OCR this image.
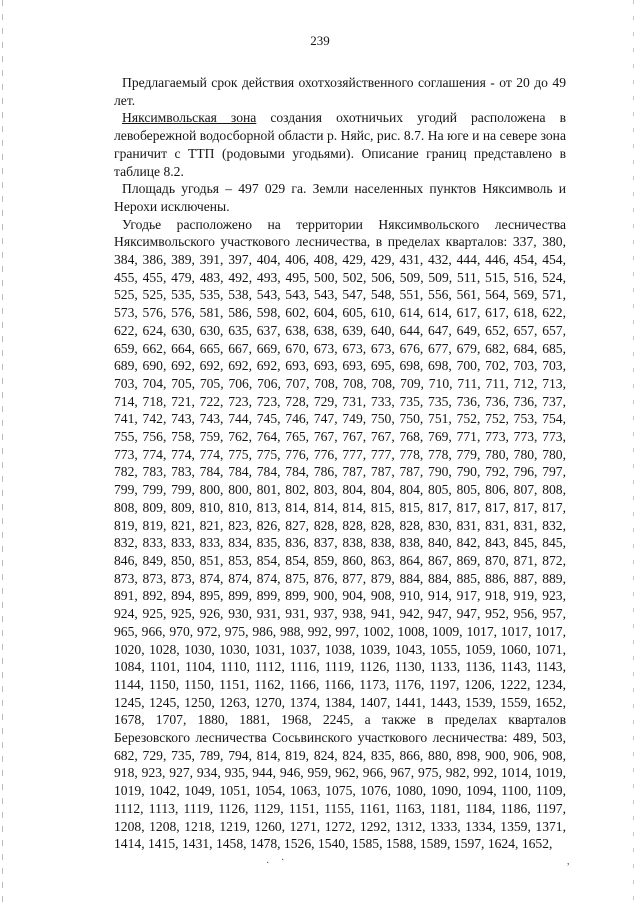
239

Предлагаемый срок действия охотхозяйственного соглашения - от 20 до 49 лет.

Няксимвольская зона создания охотничьих угодий расположена в левобережной водосборной области р. Няйс, рис. 8.7. На юге и на севере зона граничит с ТТП (родовыми угодьями). Описание границ представлено в таблице 8.2.

Площадь угодья – 497 029 га. Земли населенных пунктов Няксимволь и Нерохи исключены.

Угодье расположено на территории Няксимвольского лесничества Няксимвольского участкового лесничества, в пределах кварталов: 337, 380, 384, 386, 389, 391, 397, 404, 406, 408, 429, 429, 431, 432, 444, 446, 454, 454, 455, 455, 479, 483, 492, 493, 495, 500, 502, 506, 509, 509, 511, 515, 516, 524, 525, 525, 535, 535, 538, 543, 543, 543, 547, 548, 551, 556, 561, 564, 569, 571, 573, 576, 576, 581, 586, 598, 602, 604, 605, 610, 614, 614, 617, 617, 618, 622, 622, 624, 630, 630, 635, 637, 638, 638, 639, 640, 644, 647, 649, 652, 657, 657, 659, 662, 664, 665, 667, 669, 670, 673, 673, 673, 676, 677, 679, 682, 684, 685, 689, 690, 692, 692, 692, 692, 693, 693, 693, 695, 698, 698, 700, 702, 703, 703, 703, 704, 705, 705, 706, 706, 707, 708, 708, 708, 709, 710, 711, 711, 712, 713, 714, 718, 721, 722, 723, 723, 728, 729, 731, 733, 735, 735, 736, 736, 736, 737, 741, 742, 743, 743, 744, 745, 746, 747, 749, 750, 750, 751, 752, 752, 753, 754, 755, 756, 758, 759, 762, 764, 765, 767, 767, 767, 768, 769, 771, 773, 773, 773, 773, 774, 774, 774, 775, 775, 776, 776, 777, 777, 778, 778, 779, 780, 780, 780, 782, 783, 783, 784, 784, 784, 784, 786, 787, 787, 787, 790, 790, 792, 796, 797, 799, 799, 799, 800, 800, 801, 802, 803, 804, 804, 804, 805, 805, 806, 807, 808, 808, 809, 809, 810, 810, 813, 814, 814, 814, 815, 815, 817, 817, 817, 817, 817, 819, 819, 821, 821, 823, 826, 827, 828, 828, 828, 828, 830, 831, 831, 831, 832, 832, 833, 833, 833, 834, 835, 836, 837, 838, 838, 838, 840, 842, 843, 845, 845, 846, 849, 850, 851, 853, 854, 854, 859, 860, 863, 864, 867, 869, 870, 871, 872, 873, 873, 873, 874, 874, 874, 875, 876, 877, 879, 884, 884, 885, 886, 887, 889, 891, 892, 894, 895, 899, 899, 899, 900, 904, 908, 910, 914, 917, 918, 919, 923, 924, 925, 925, 926, 930, 931, 931, 937, 938, 941, 942, 947, 947, 952, 956, 957, 965, 966, 970, 972, 975, 986, 988, 992, 997, 1002, 1008, 1009, 1017, 1017, 1017, 1020, 1028, 1030, 1030, 1031, 1037, 1038, 1039, 1043, 1055, 1059, 1060, 1071, 1084, 1101, 1104, 1110, 1112, 1116, 1119, 1126, 1130, 1133, 1136, 1143, 1143, 1144, 1150, 1150, 1151, 1162, 1166, 1166, 1173, 1176, 1197, 1206, 1222, 1234, 1245, 1245, 1250, 1263, 1270, 1374, 1384, 1407, 1441, 1443, 1539, 1559, 1652, 1678, 1707, 1880, 1881, 1968, 2245, а также в пределах кварталов Березовского лесничества Сосьвинского участкового лесничества: 489, 503, 682, 729, 735, 789, 794, 814, 819, 824, 824, 835, 866, 880, 898, 900, 906, 908, 918, 923, 927, 934, 935, 944, 946, 959, 962, 966, 967, 975, 982, 992, 1014, 1019, 1019, 1042, 1049, 1051, 1054, 1063, 1075, 1076, 1080, 1090, 1094, 1100, 1109, 1112, 1113, 1119, 1126, 1129, 1151, 1155, 1161, 1163, 1181, 1184, 1186, 1197, 1208, 1208, 1218, 1219, 1260, 1271, 1272, 1292, 1312, 1333, 1334, 1359, 1371, 1414, 1415, 1431, 1458, 1478, 1526, 1540, 1585, 1588, 1589, 1597, 1624, 1652,

· ·	,
